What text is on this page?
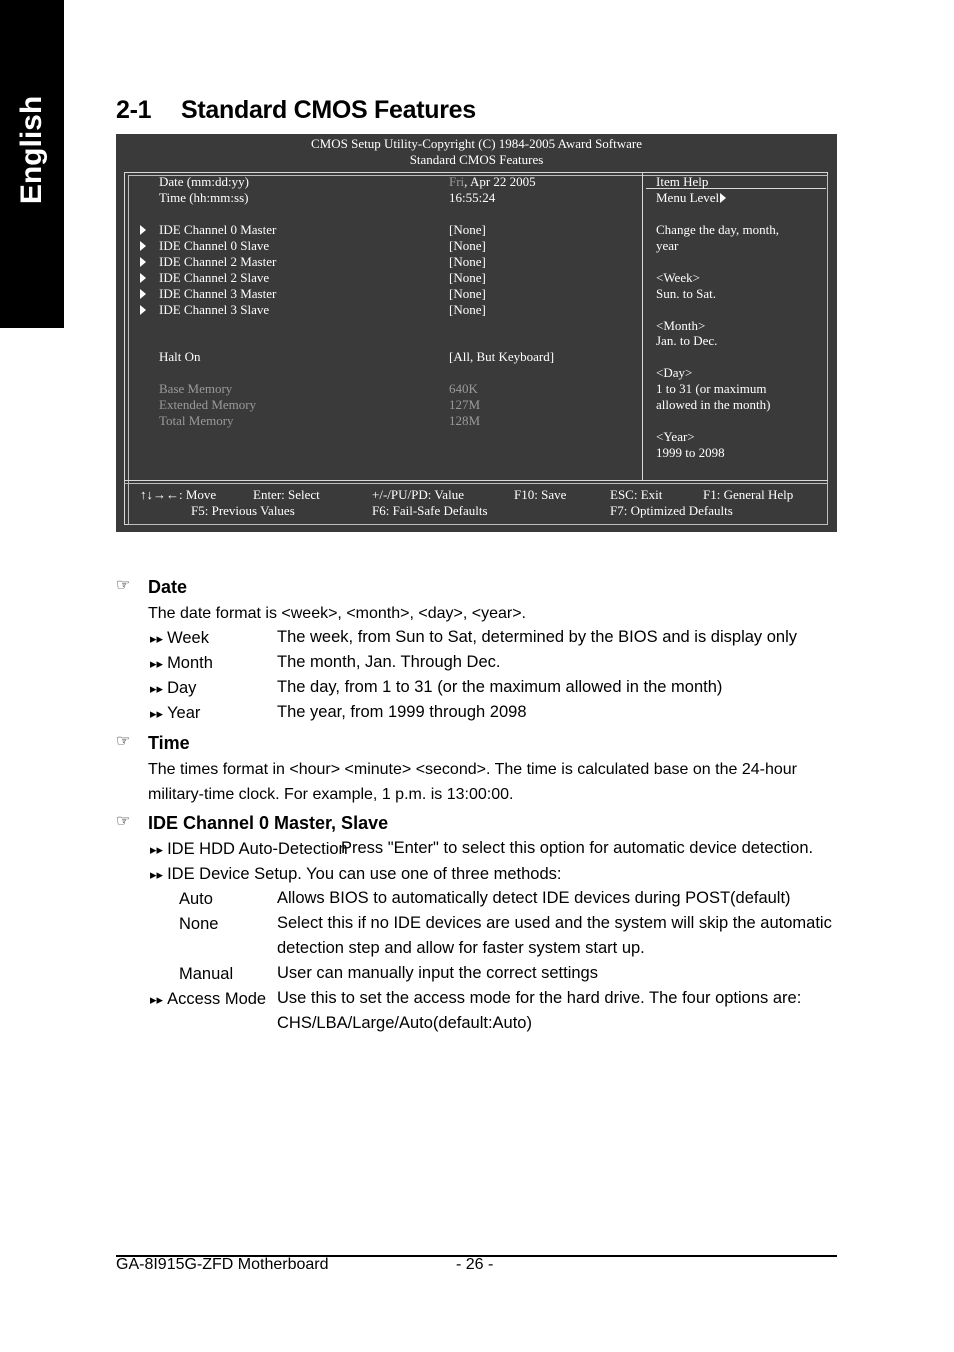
English	2-1 Standard CMOS Features
CMOS Setup Utility-Copyright (C) 1984-2005 Award Software
Standard CMOS Features
Date (mm:dd:yy)	Fri, Apr 22 2005
Time (hh:mm:ss)	16:55:24
IDE Channel 0 Master	[None]
IDE Channel 0 Slave	[None]
IDE Channel 2 Master	[None]
IDE Channel 2 Slave	[None]
IDE Channel 3 Master	[None]
IDE Channel 3 Slave	[None]
Halt On	[All, But Keyboard]
Base Memory	640K
Extended Memory	127M
Total Memory	128M
Item Help
Menu Level
Change the day, month,
year
<Week>
Sun. to Sat.
<Month>
Jan. to Dec.
<Day>
1 to 31 (or maximum
allowed in the month)
<Year>
1999 to 2098
↑↓→←: Move	Enter: Select	+/-/PU/PD: Value	F10: Save	ESC: Exit	F1: General Help
F5: Previous Values	F6: Fail-Safe Defaults	F7: Optimized Defaults
☞ Date
The date format is <week>, <month>, <day>, <year>.
▸▸ Week	The week, from Sun to Sat, determined by the BIOS and is display only
▸▸ Month	The month, Jan. Through Dec.
▸▸ Day	The day, from 1 to 31 (or the maximum allowed in the month)
▸▸ Year	The year, from 1999 through 2098
☞ Time
The times format in <hour> <minute> <second>. The time is calculated base on the 24-hour
military-time clock. For example, 1 p.m. is 13:00:00.
☞ IDE Channel 0 Master, Slave
▸▸ IDE HDD Auto-Detection
Press "Enter" to select this option for automatic device detection.
▸▸ IDE Device Setup. You can use one of three methods:
Auto	Allows BIOS to automatically detect IDE devices during POST(default)
None	Select this if no IDE devices are used and the system will skip the automatic
detection step and allow for faster system start up.
Manual	User can manually input the correct settings
▸▸ Access Mode Use this to set the access mode for the hard drive. The four options are:
CHS/LBA/Large/Auto(default:Auto)
GA-8I915G-ZFD Motherboard	- 26 -
